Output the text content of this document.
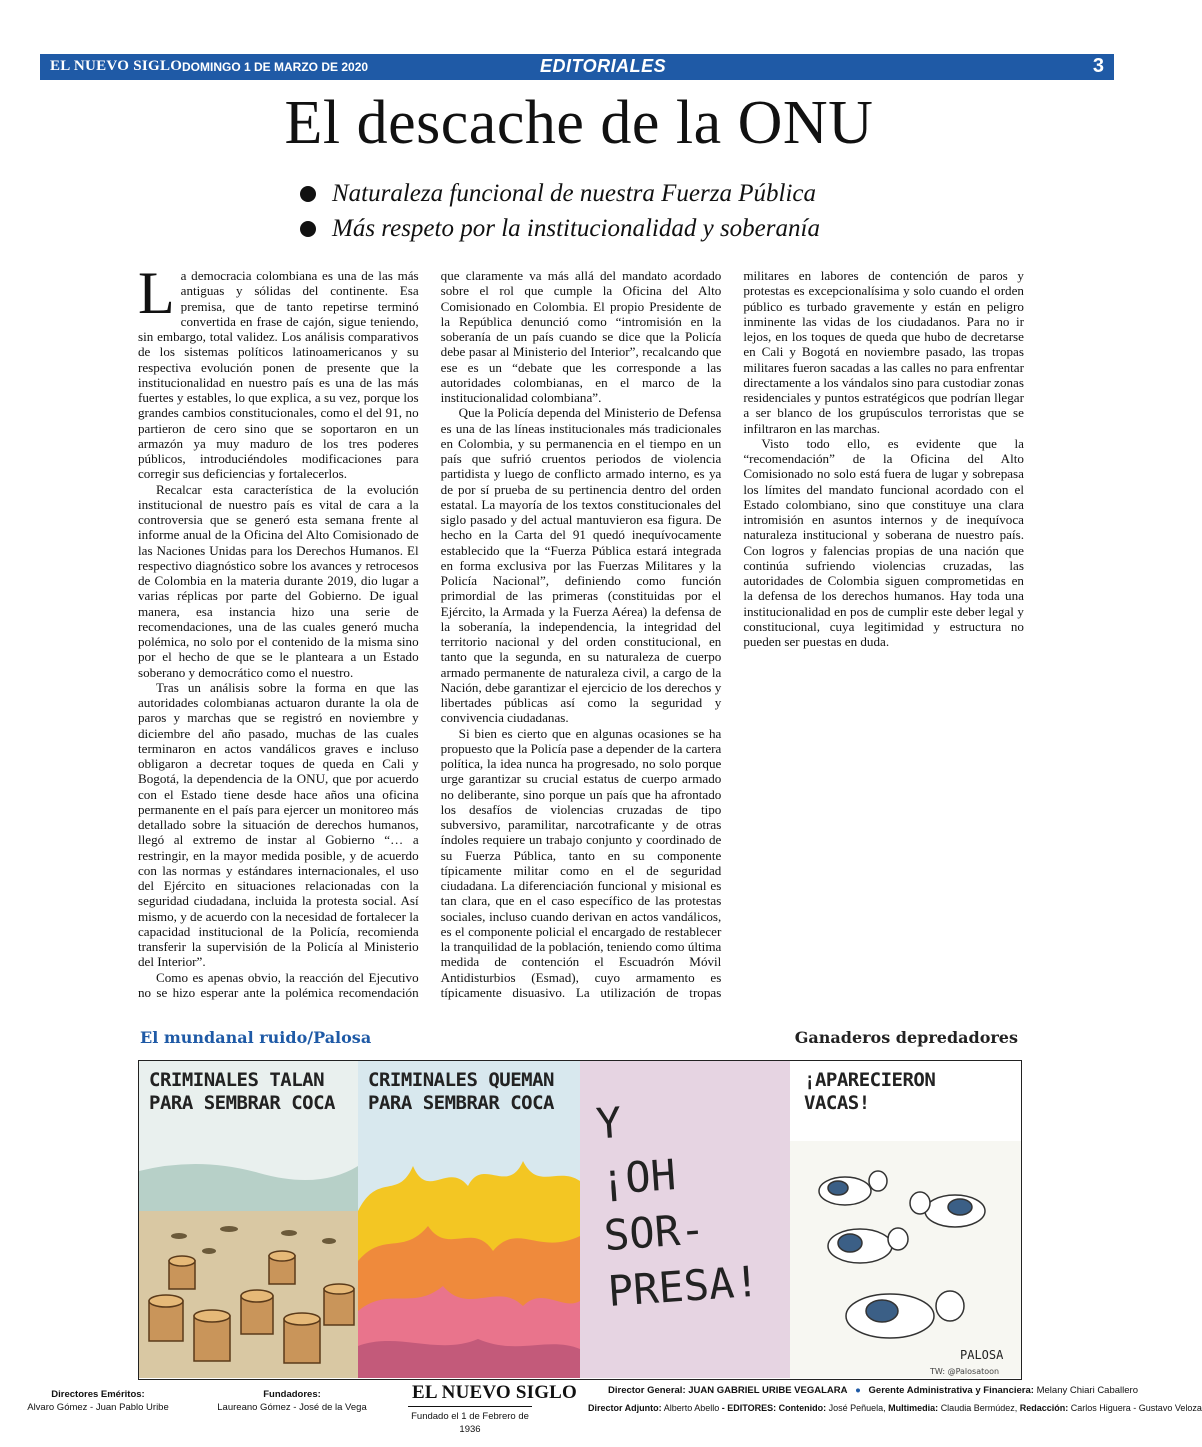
EL NUEVO SIGLO DOMINGO 1 DE MARZO DE 2020	EDITORIALES	3
El descache de la ONU
Naturaleza funcional de nuestra Fuerza Pública
Más respeto por la institucionalidad y soberanía

La democracia colombiana es una de las más antiguas y sólidas del continente. Esa premisa, que de tanto repetirse terminó convertida en frase de cajón, sigue teniendo, sin embargo, total validez. Los análisis comparativos de los sistemas políticos latinoamericanos y su respectiva evolución ponen de presente que la institucionalidad en nuestro país es una de las más fuertes y estables, lo que explica, a su vez, porque los grandes cambios constitucionales, como el del 91, no partieron de cero sino que se soportaron en un armazón ya muy maduro de los tres poderes públicos, introduciéndoles modificaciones para corregir sus deficiencias y fortalecerlos.

Recalcar esta característica de la evolución institucional de nuestro país es vital de cara a la controversia que se generó esta semana frente al informe anual de la Oficina del Alto Comisionado de las Naciones Unidas para los Derechos Humanos. El respectivo diagnóstico sobre los avances y retrocesos de Colombia en la materia durante 2019, dio lugar a varias réplicas por parte del Gobierno. De igual manera, esa instancia hizo una serie de recomendaciones, una de las cuales generó mucha polémica, no solo por el contenido de la misma sino por el hecho de que se le planteara a un Estado soberano y democrático como el nuestro.

Tras un análisis sobre la forma en que las autoridades colombianas actuaron durante la ola de paros y marchas que se registró en noviembre y diciembre del año pasado, muchas de las cuales terminaron en actos vandálicos graves e incluso obligaron a decretar toques de queda en Cali y Bogotá, la dependencia de la ONU, que por acuerdo con el Estado tiene desde hace años una oficina permanente en el país para ejercer un monitoreo más detallado sobre la situación de derechos humanos, llegó al extremo de instar al Gobierno “… a restringir, en la mayor medida posible, y de acuerdo con las normas y estándares internacionales, el uso del Ejército en situaciones relacionadas con la seguridad ciudadana, incluida la protesta social. Así mismo, y de acuerdo con la necesidad de fortalecer la capacidad institucional de la Policía, recomienda transferir la supervisión de la Policía al Ministerio del Interior”.

Como es apenas obvio, la reacción del Ejecutivo no se hizo esperar ante la polémica recomendación que claramente va más allá del mandato acordado sobre el rol que cumple la Oficina del Alto Comisionado en Colombia. El propio Presidente de la República denunció como “intromisión en la soberanía de un país cuando se dice que la Policía debe pasar al Ministerio del Interior”, recalcando que ese es un “debate que les corresponde a las autoridades colombianas, en el marco de la institucionalidad colombiana”.

Que la Policía dependa del Ministerio de Defensa es una de las líneas institucionales más tradicionales en Colombia, y su permanencia en el tiempo en un país que sufrió cruentos periodos de violencia partidista y luego de conflicto armado interno, es ya de por sí prueba de su pertinencia dentro del orden estatal. La mayoría de los textos constitucionales del siglo pasado y del actual mantuvieron esa figura. De hecho en la Carta del 91 quedó inequívocamente establecido que la “Fuerza Pública estará integrada en forma exclusiva por las Fuerzas Militares y la Policía Nacional”, definiendo como función primordial de las primeras (constituidas por el Ejército, la Armada y la Fuerza Aérea) la defensa de la soberanía, la independencia, la integridad del territorio nacional y del orden constitucional, en tanto que la segunda, en su naturaleza de cuerpo armado permanente de naturaleza civil, a cargo de la Nación, debe garantizar el ejercicio de los derechos y libertades públicas así como la seguridad y convivencia ciudadanas.

Si bien es cierto que en algunas ocasiones se ha propuesto que la Policía pase a depender de la cartera política, la idea nunca ha progresado, no solo porque urge garantizar su crucial estatus de cuerpo armado no deliberante, sino porque un país que ha afrontado los desafíos de violencias cruzadas de tipo subversivo, paramilitar, narcotraficante y de otras índoles requiere un trabajo conjunto y coordinado de su Fuerza Pública, tanto en su componente típicamente militar como en el de seguridad ciudadana. La diferenciación funcional y misional es tan clara, que en el caso específico de las protestas sociales, incluso cuando derivan en actos vandálicos, es el componente policial el encargado de restablecer la tranquilidad de la población, teniendo como última medida de contención el Escuadrón Móvil Antidisturbios (Esmad), cuyo armamento es típicamente disuasivo. La utilización de tropas militares en labores de contención de paros y protestas es excepcionalísima y solo cuando el orden público es turbado gravemente y están en peligro inminente las vidas de los ciudadanos. Para no ir lejos, en los toques de queda que hubo de decretarse en Cali y Bogotá en noviembre pasado, las tropas militares fueron sacadas a las calles no para enfrentar directamente a los vándalos sino para custodiar zonas residenciales y puntos estratégicos que podrían llegar a ser blanco de los grupúsculos terroristas que se infiltraron en las marchas.

Visto todo ello, es evidente que la “recomendación” de la Oficina del Alto Comisionado no solo está fuera de lugar y sobrepasa los límites del mandato funcional acordado con el Estado colombiano, sino que constituye una clara intromisión en asuntos internos y de inequívoca naturaleza institucional y soberana de nuestro país. Con logros y falencias propias de una nación que continúa sufriendo violencias cruzadas, las autoridades de Colombia siguen comprometidas en la defensa de los derechos humanos. Hay toda una institucionalidad en pos de cumplir este deber legal y constitucional, cuya legitimidad y estructura no pueden ser puestas en duda.

El mundanal ruido/Palosa	Ganaderos depredadores
CRIMINALES TALAN
PARA SEMBRAR COCA
CRIMINALES QUEMAN
PARA SEMBRAR COCA Y
¡OH
SOR-
PRESA!
PALOSA
TW: @Palosatoon
¡APARECIERON
VACAS!
Directores Eméritos:
Alvaro Gómez - Juan Pablo Uribe
Fundadores:
Laureano Gómez - José de la Vega
EL NUEVO SIGLO
Fundado el 1 de Febrero de 1936
Director General: JUAN GABRIEL URIBE VEGALARA ● Gerente Administrativa y Financiera: Melany Chiari Caballero
Director Adjunto: Alberto Abello - EDITORES: Contenido: José Peñuela, Multimedia: Claudia Bermúdez, Redacción: Carlos Higuera - Gustavo Veloza
